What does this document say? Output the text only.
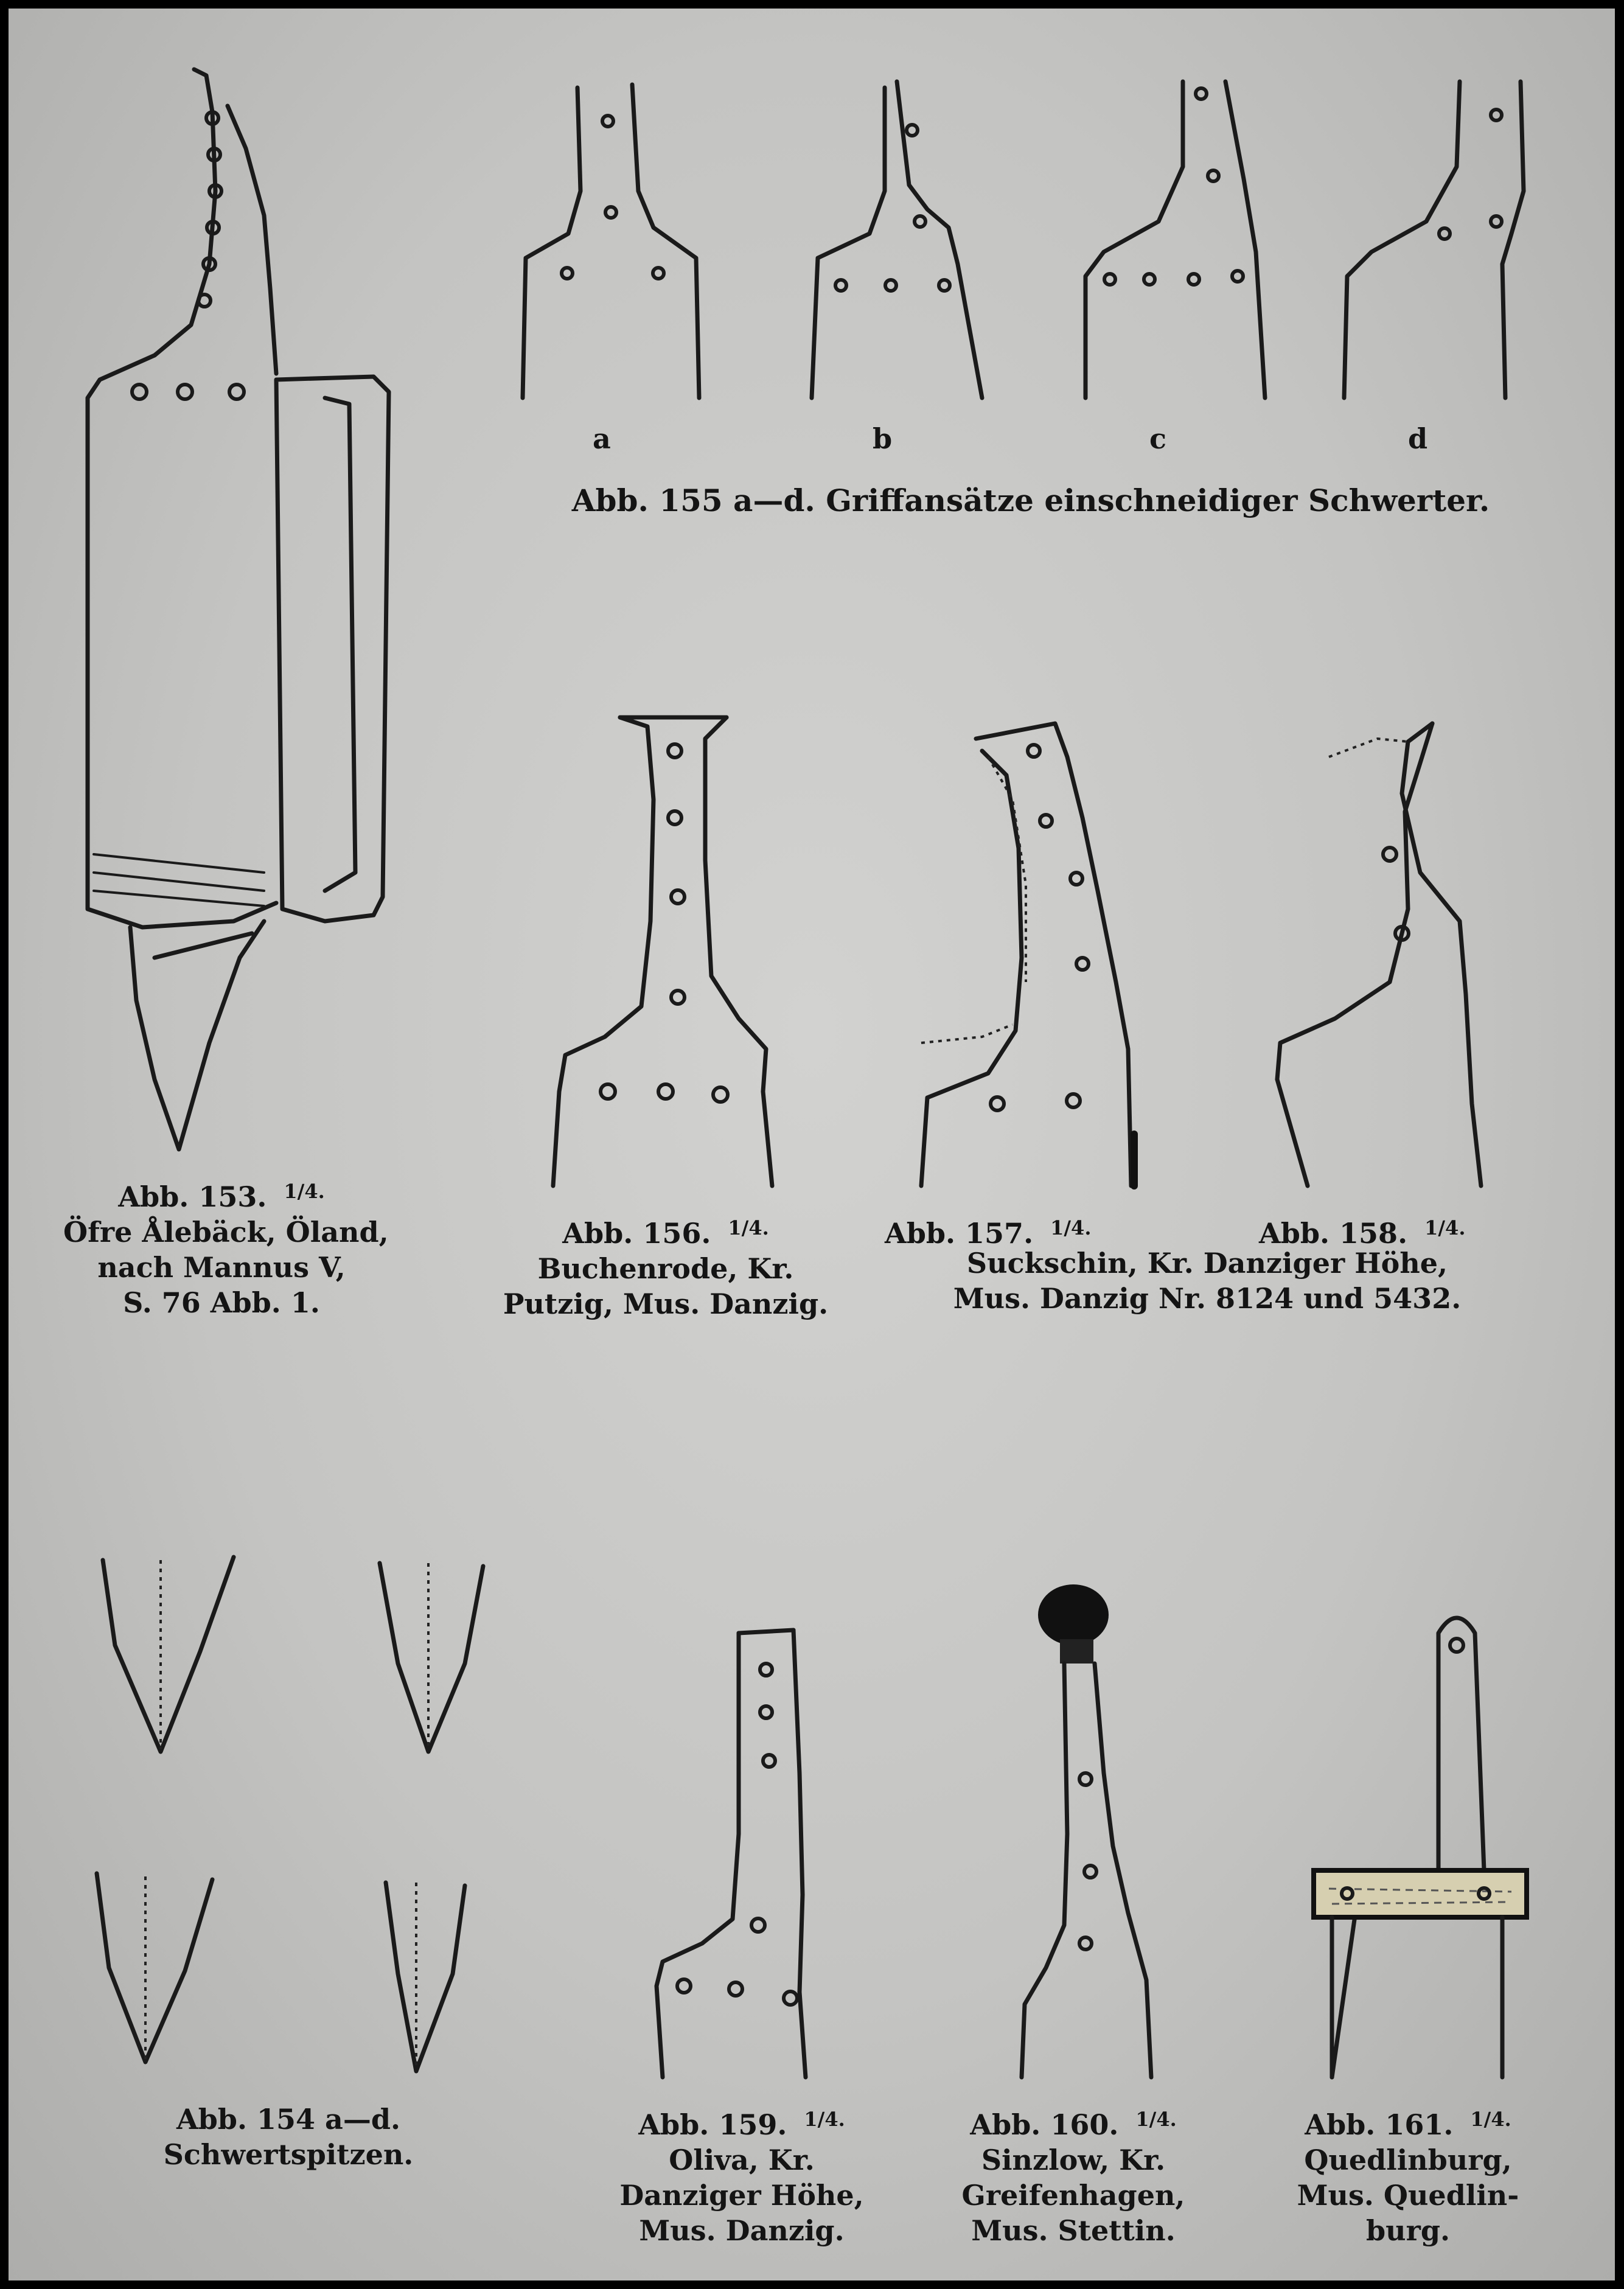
a	b	c	d
Abb. 155 a—d. Griffansätze einschneidiger Schwerter.
Abb. 153. $^{1/4.}$
Öfre Ålebäck, Öland,
nach Mannus V,
S. 76 Abb. 1.
Abb. 156. $^{1/4.}$
Buchenrode, Kr.
Putzig, Mus. Danzig.
Abb. 157. $^{1/4.}$	Abb. 158. $^{1/4.}$
Suckschin, Kr. Danziger Höhe,
Mus. Danzig Nr. 8124 und 5432.
Abb. 154 a—d.
Schwertspitzen.
Abb. 159. $^{1/4.}$
Oliva, Kr.
Danziger Höhe,
Mus. Danzig.
Abb. 160. $^{1/4.}$
Sinzlow, Kr.
Greifenhagen,
Mus. Stettin.
Abb. 161. $^{1/4.}$
Quedlinburg,
Mus. Quedlin-
burg.
